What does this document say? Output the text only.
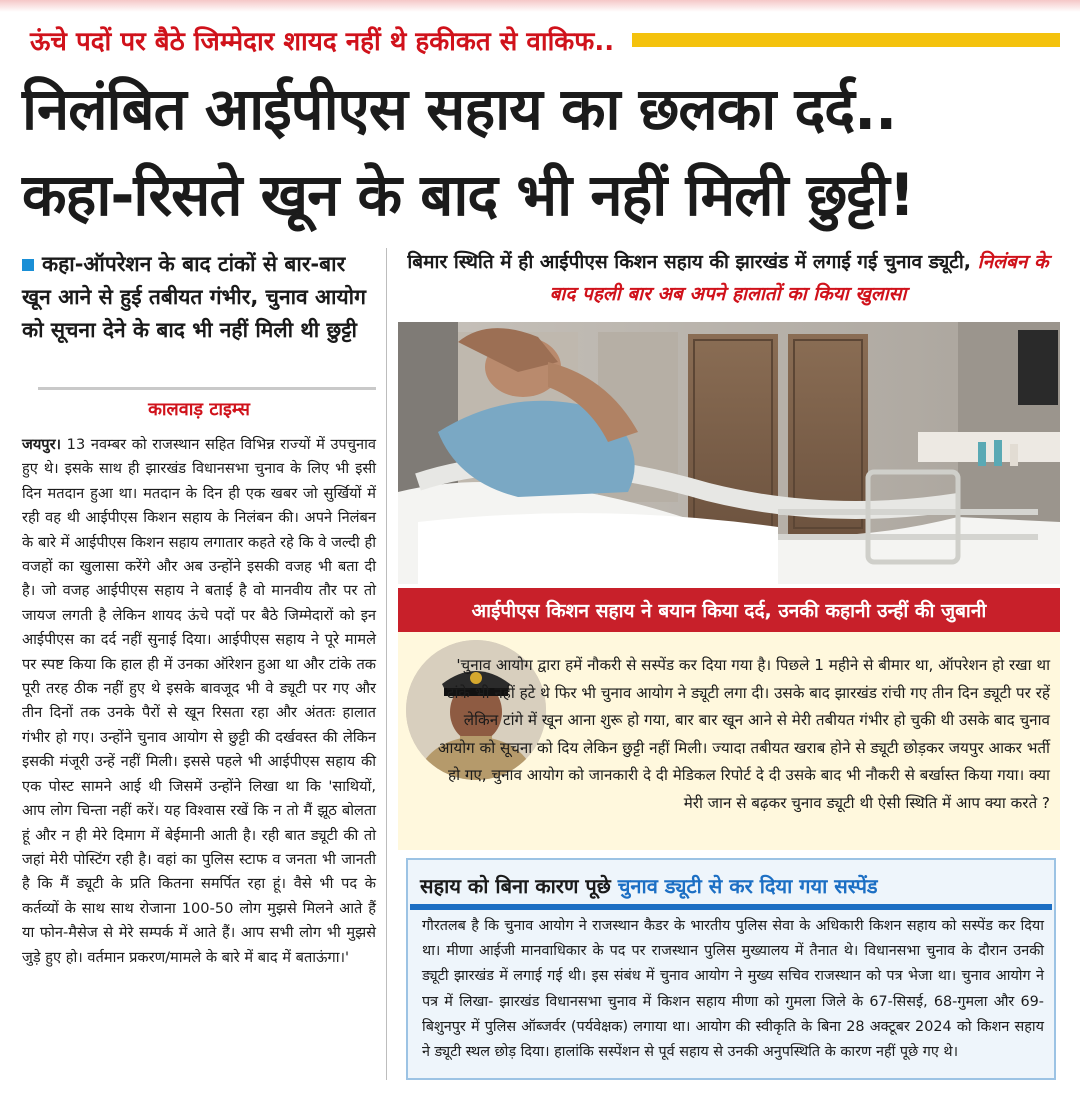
ऊंचे पदों पर बैठे जिम्मेदार शायद नहीं थे हकीकत से वाकिफ..
निलंबित आईपीएस सहाय का छलका दर्द..
कहा-रिसते खून के बाद भी नहीं मिली छुट्टी!
कहा-ऑपरेशन के बाद टांकों से बार-बार खून आने से हुई तबीयत गंभीर, चुनाव आयोग को सूचना देने के बाद भी नहीं मिली थी छुट्टी
कालवाड़ टाइम्स

जयपुर। 13 नवम्बर को राजस्थान सहित विभिन्न राज्यों में उपचुनाव हुए थे। इसके साथ ही झारखंड विधानसभा चुनाव के लिए भी इसी दिन मतदान हुआ था। मतदान के दिन ही एक खबर जो सुर्खियों में रही वह थी आईपीएस किशन सहाय के निलंबन की। अपने निलंबन के बारे में आईपीएस किशन सहाय लगातार कहते रहे कि वे जल्दी ही वजहों का खुलासा करेंगे और अब उन्होंने इसकी वजह भी बता दी है। जो वजह आईपीएस सहाय ने बताई है वो मानवीय तौर पर तो जायज लगती है लेकिन शायद ऊंचे पदों पर बैठे जिम्मेदारों को इन आईपीएस का दर्द नहीं सुनाई दिया। आईपीएस सहाय ने पूरे मामले पर स्पष्ट किया कि हाल ही में उनका ऑरेशन हुआ था और टांके तक पूरी तरह ठीक नहीं हुए थे इसके बावजूद भी वे ड्यूटी पर गए और तीन दिनों तक उनके पैरों से खून रिसता रहा और अंततः हालात गंभीर हो गए। उन्होंने चुनाव आयोग से छुट्टी की दर्खवस्त की लेकिन इसकी मंजूरी उन्हें नहीं मिली। इससे पहले भी आईपीएस सहाय की एक पोस्ट सामने आई थी जिसमें उन्होंने लिखा था कि 'साथियों, आप लोग चिन्ता नहीं करें। यह विश्वास रखें कि न तो मैं झूठ बोलता हूं और न ही मेरे दिमाग में बेईमानी आती है। रही बात ड्यूटी की तो जहां मेरी पोस्टिंग रही है। वहां का पुलिस स्टाफ व जनता भी जानती है कि मैं ड्यूटी के प्रति कितना समर्पित रहा हूं। वैसे भी पद के कर्तव्यों के साथ साथ रोजाना 100-50 लोग मुझसे मिलने आते हैं या फोन-मैसेज से मेरे सम्पर्क में आते हैं। आप सभी लोग भी मुझसे जुड़े हुए हो। वर्तमान प्रकरण/मामले के बारे में बाद में बताऊंगा।'

बिमार स्थिति में ही आईपीएस किशन सहाय की झारखंड में लगाई गई चुनाव ड्यूटी, निलंबन के बाद पहली बार अब अपने हालातों का किया खुलासा
आईपीएस किशन सहाय ने बयान किया दर्द, उनकी कहानी उन्हीं की जुबानी

'चुनाव आयोग द्वारा हमें नौकरी से सस्पेंड कर दिया गया है। पिछले 1 महीने से बीमार था, ऑपरेशन हो रखा था टांके भी नहीं हटे थे फिर भी चुनाव आयोग ने ड्यूटी लगा दी। उसके बाद झारखंड रांची गए तीन दिन ड्यूटी पर रहें लेकिन टांगे में खून आना शुरू हो गया, बार बार खून आने से मेरी तबीयत गंभीर हो चुकी थी उसके बाद चुनाव आयोग को सूचना को दिय लेकिन छुट्टी नहीं मिली। ज्यादा तबीयत खराब होने से ड्यूटी छोड़कर जयपुर आकर भर्ती हो गए, चुनाव आयोग को जानकारी दे दी मेडिकल रिपोर्ट दे दी उसके बाद भी नौकरी से बर्खास्त किया गया। क्या मेरी जान से बढ़कर चुनाव ड्यूटी थी ऐसी स्थिति में आप क्या करते ?

सहाय को बिना कारण पूछे चुनाव ड्यूटी से कर दिया गया सस्पेंड

गौरतलब है कि चुनाव आयोग ने राजस्थान कैडर के भारतीय पुलिस सेवा के अधिकारी किशन सहाय को सस्पेंड कर दिया था। मीणा आईजी मानवाधिकार के पद पर राजस्थान पुलिस मुख्यालय में तैनात थे। विधानसभा चुनाव के दौरान उनकी ड्यूटी झारखंड में लगाई गई थी। इस संबंध में चुनाव आयोग ने मुख्य सचिव राजस्थान को पत्र भेजा था। चुनाव आयोग ने पत्र में लिखा- झारखंड विधानसभा चुनाव में किशन सहाय मीणा को गुमला जिले के 67-सिसई, 68-गुमला और 69-बिशुनपुर में पुलिस ऑब्जर्वर (पर्यवेक्षक) लगाया था। आयोग की स्वीकृति के बिना 28 अक्टूबर 2024 को किशन सहाय ने ड्यूटी स्थल छोड़ दिया। हालांकि सस्पेंशन से पूर्व सहाय से उनकी अनुपस्थिति के कारण नहीं पूछे गए थे।
